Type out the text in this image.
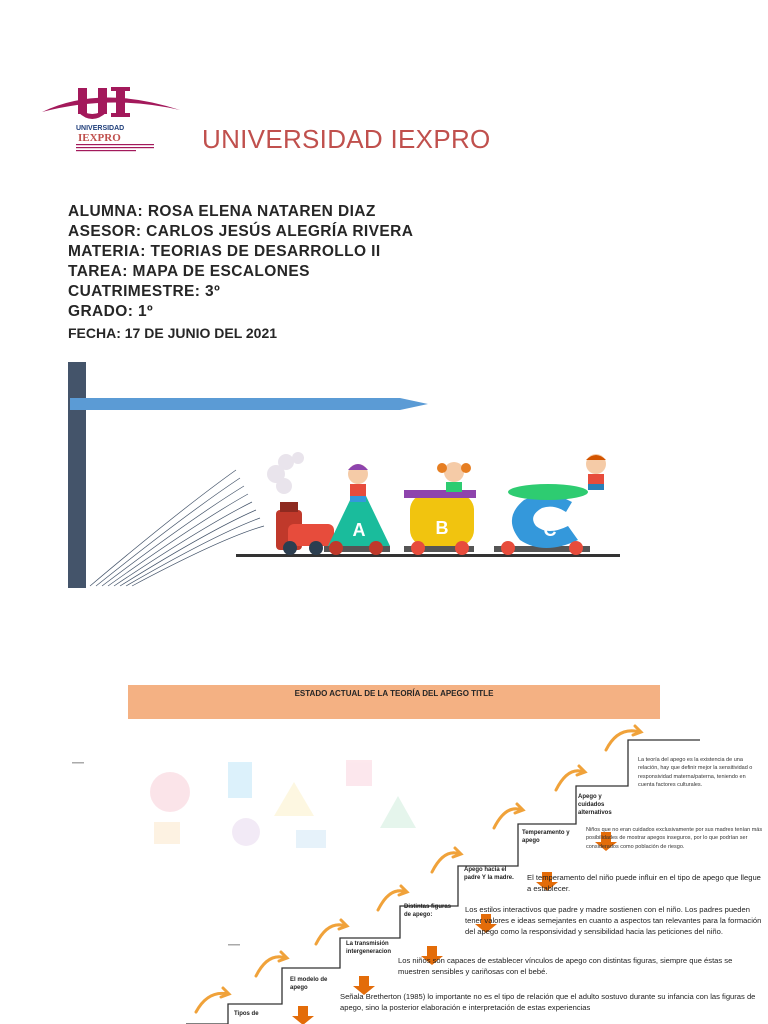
UNIVERSIDAD
IEXPRO	UNIVERSIDAD IEXPRO
ALUMNA: ROSA ELENA NATAREN DIAZ
ASESOR: CARLOS JESÚS ALEGRÍA RIVERA
MATERIA: TEORIAS DE DESARROLLO II
TAREA: MAPA DE ESCALONES
CUATRIMESTRE: 3º
GRADO: 1º
FECHA: 17 DE JUNIO DEL 2021
A	B	C
ESTADO ACTUAL DE LA TEORÍA DEL APEGO TITLE
Tipos de
El modelo de apego
La transmisión intergeneracion
Distintas figuras de apego:
Apego hacia el padre Y la madre.
Temperamento y apego
Apego y cuidados alternativos
La teoría del apego es la existencia de una relación, hay que definir mejor la sensitividad o responsividad materna/paterna, teniendo en cuenta factores culturales.
Niños que no eran cuidados exclusivamente por sus madres tenían más posibilidades de mostrar apegos inseguros, por lo que podrían ser considerados como población de riesgo.
El temperamento del niño puede influir en el tipo de apego que llegue a establecer.
Los estilos interactivos que padre y madre sostienen con el niño. Los padres pueden tener valores e ideas semejantes en cuanto a aspectos tan relevantes para la formación del apego como la responsividad y sensibilidad hacia las peticiones del niño.
Los niños son capaces de establecer vínculos de apego con distintas figuras, siempre que éstas se muestren sensibles y cariñosas con el bebé.
Señala Bretherton (1985) lo importante no es el tipo de relación que el adulto sostuvo durante su infancia con las figuras de apego, sino la posterior elaboración e interpretación de estas experiencias
